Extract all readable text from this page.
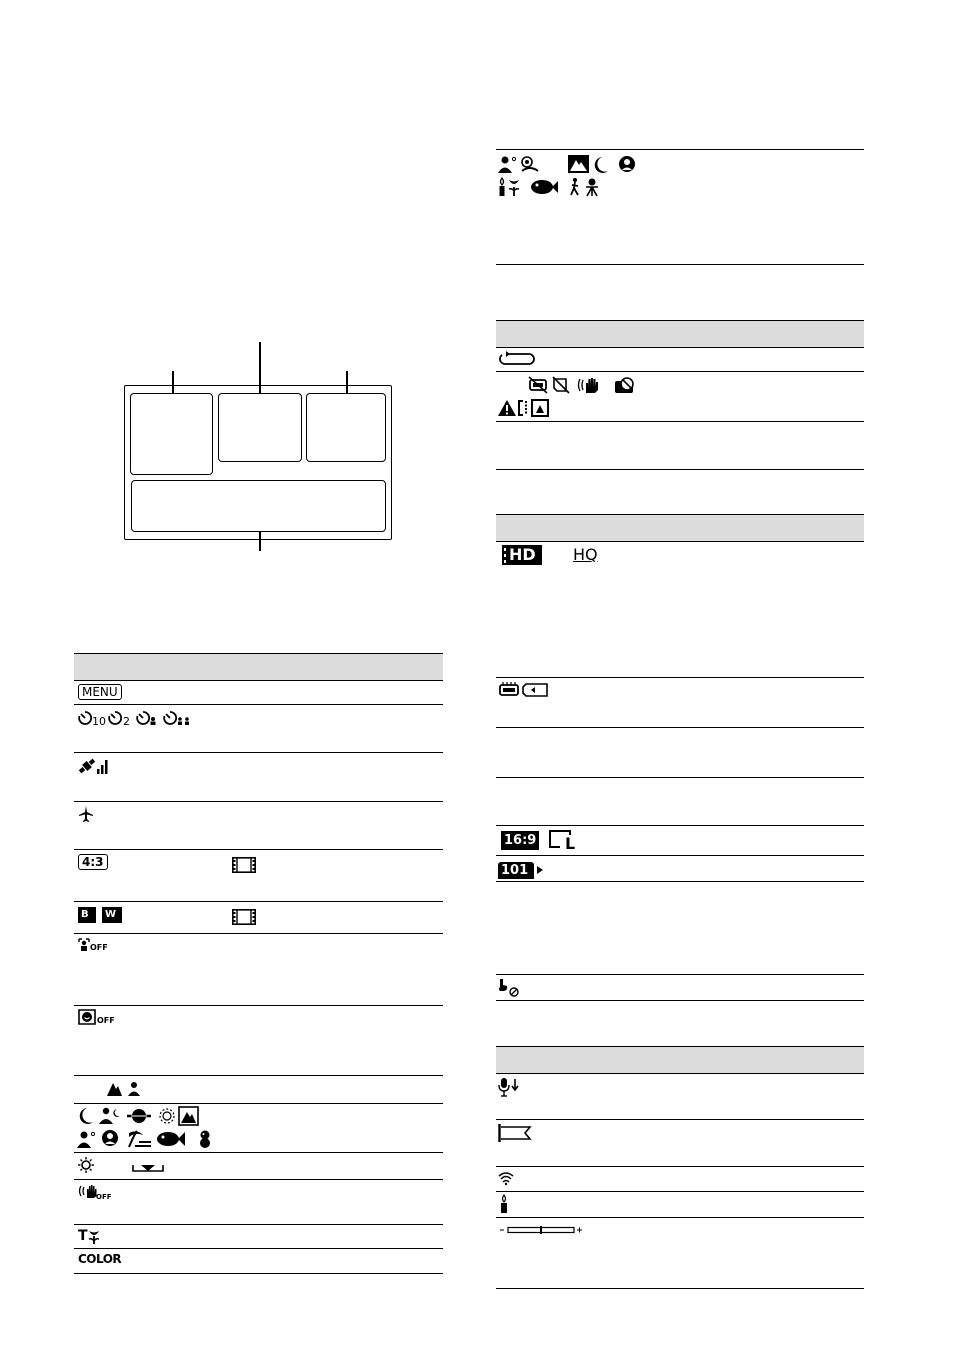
MENU
10 2
4:3
B	W
OFF
OFF
OFF
T
COLOR
HD HQ
16:9 L
101
